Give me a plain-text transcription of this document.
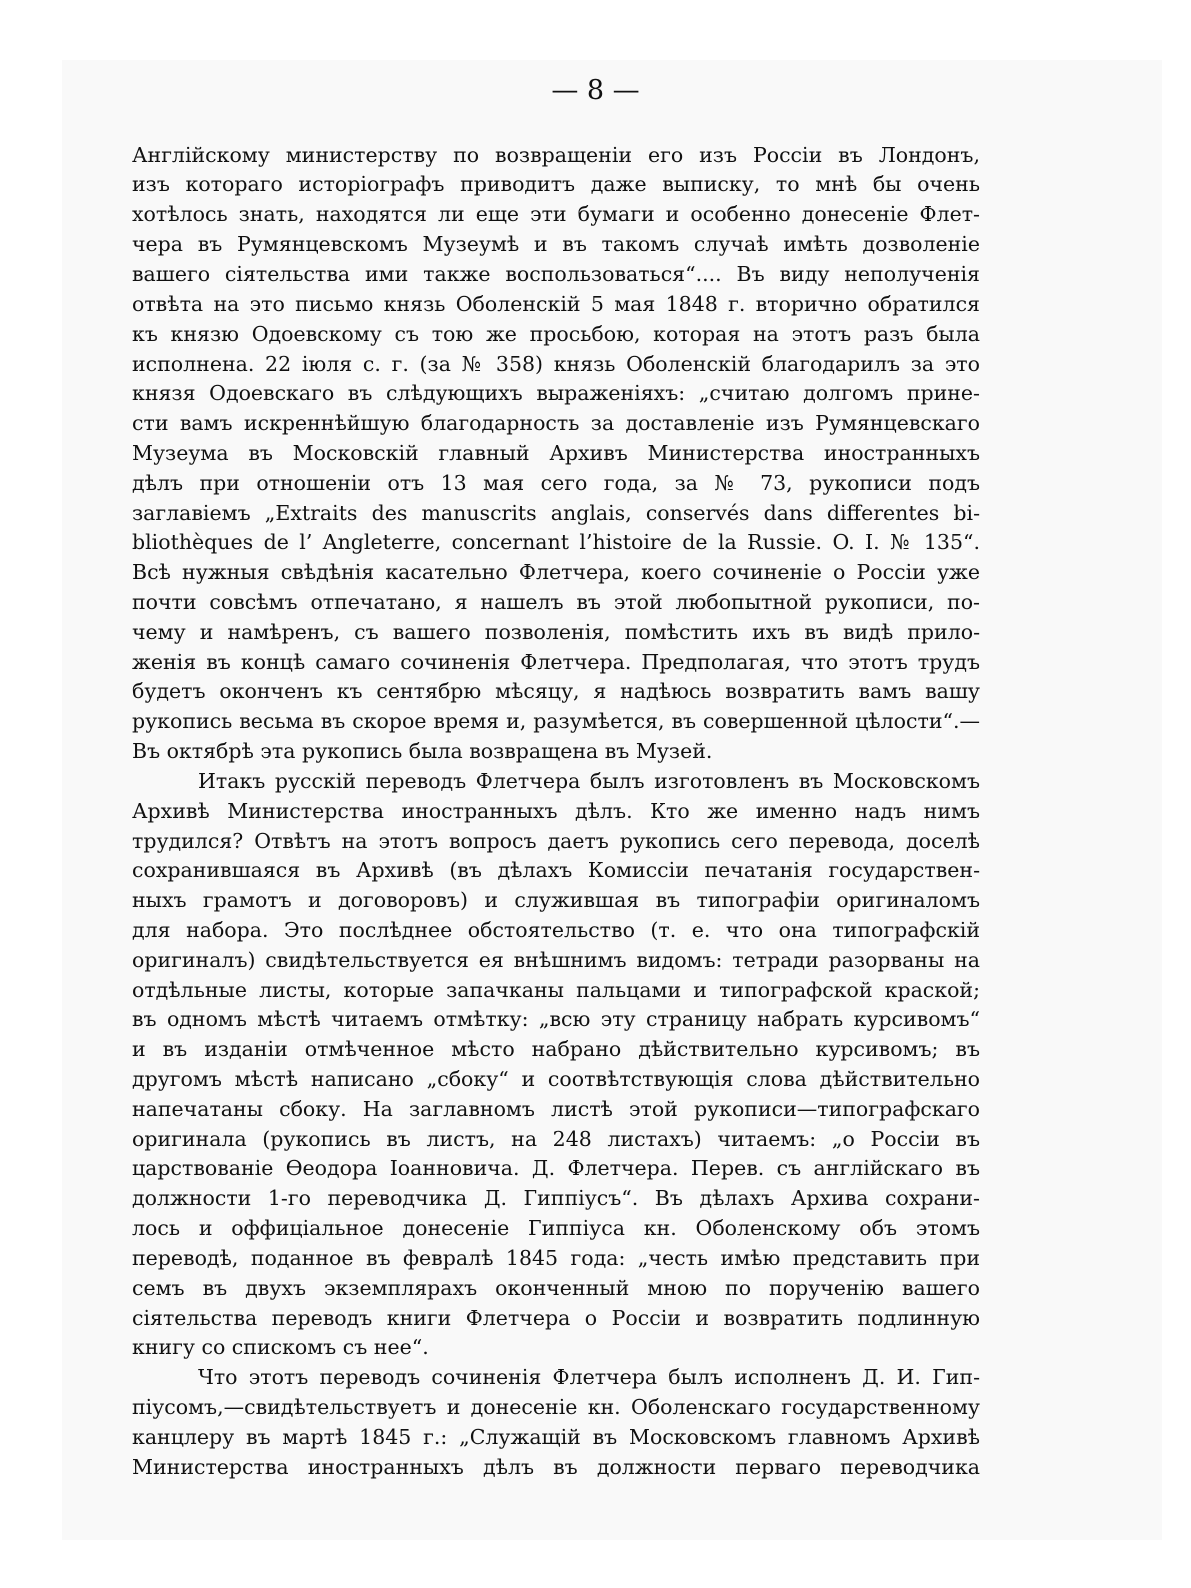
— 8 —
Англійскому министерству по возвращеніи его изъ Россіи въ Лондонъ,
изъ котораго исторіографъ приводитъ даже выписку, то мнѣ бы очень
хотѣлось знать, находятся ли еще эти бумаги и особенно донесеніе Флет-
чера въ Румянцевскомъ Музеумѣ и въ такомъ случаѣ имѣть дозволеніе
вашего сіятельства ими также воспользоваться“.... Въ виду неполученія
отвѣта на это письмо князь Оболенскій 5 мая 1848 г. вторично обратился
къ князю Одоевскому съ тою же просьбою, которая на этотъ разъ была
исполнена. 22 іюля с. г. (за № 358) князь Оболенскій благодарилъ за это
князя Одоевскаго въ слѣдующихъ выраженіяхъ: „считаю долгомъ прине-
сти вамъ искреннѣйшую благодарность за доставленіе изъ Румянцевскаго
Музеума въ Московскій главный Архивъ Министерства иностранныхъ
дѣлъ при отношеніи отъ 13 мая сего года, за № 73, рукописи подъ
заглавіемъ „Extraits des manuscrits anglais, conservés dans differentes bi-
bliothèques de l’ Angleterre, concernant l’histoire de la Russie. O. I. № 135“.
Всѣ нужныя свѣдѣнія касательно Флетчера, коего сочиненіе о Россіи уже
почти совсѣмъ отпечатано, я нашелъ въ этой любопытной рукописи, по-
чему и намѣренъ, съ вашего позволенія, помѣстить ихъ въ видѣ прило-
женія въ концѣ самаго сочиненія Флетчера. Предполагая, что этотъ трудъ
будетъ оконченъ къ сентябрю мѣсяцу, я надѣюсь возвратить вамъ вашу
рукопись весьма въ скорое время и, разумѣется, въ совершенной цѣлости“.—
Въ октябрѣ эта рукопись была возвращена въ Музей.
Итакъ русскій переводъ Флетчера былъ изготовленъ въ Московскомъ
Архивѣ Министерства иностранныхъ дѣлъ. Кто же именно надъ нимъ
трудился? Отвѣтъ на этотъ вопросъ даетъ рукопись сего перевода, доселѣ
сохранившаяся въ Архивѣ (въ дѣлахъ Комиссіи печатанія государствен-
ныхъ грамотъ и договоровъ) и служившая въ типографіи оригиналомъ
для набора. Это послѣднее обстоятельство (т. е. что она типографскій
оригиналъ) свидѣтельствуется ея внѣшнимъ видомъ: тетради разорваны на
отдѣльные листы, которые запачканы пальцами и типографской краской;
въ одномъ мѣстѣ читаемъ отмѣтку: „всю эту страницу набрать курсивомъ“
и въ изданіи отмѣченное мѣсто набрано дѣйствительно курсивомъ; въ
другомъ мѣстѣ написано „сбоку“ и соотвѣтствующія слова дѣйствительно
напечатаны сбоку. На заглавномъ листѣ этой рукописи—типографскаго
оригинала (рукопись въ листъ, на 248 листахъ) читаемъ: „о Россіи въ
царствованіе Ѳеодора Іоанновича. Д. Флетчера. Перев. съ англійскаго въ
должности 1-го переводчика Д. Гиппіусъ“. Въ дѣлахъ Архива сохрани-
лось и оффиціальное донесеніе Гиппіуса кн. Оболенскому объ этомъ
переводѣ, поданное въ февралѣ 1845 года: „честь имѣю представить при
семъ въ двухъ экземплярахъ оконченный мною по порученію вашего
сіятельства переводъ книги Флетчера о Россіи и возвратить подлинную
книгу со спискомъ съ нее“.
Что этотъ переводъ сочиненія Флетчера былъ исполненъ Д. И. Гип-
піусомъ,—свидѣтельствуетъ и донесеніе кн. Оболенскаго государственному
канцлеру въ мартѣ 1845 г.: „Служащій въ Московскомъ главномъ Архивѣ
Министерства иностранныхъ дѣлъ въ должности перваго переводчика
